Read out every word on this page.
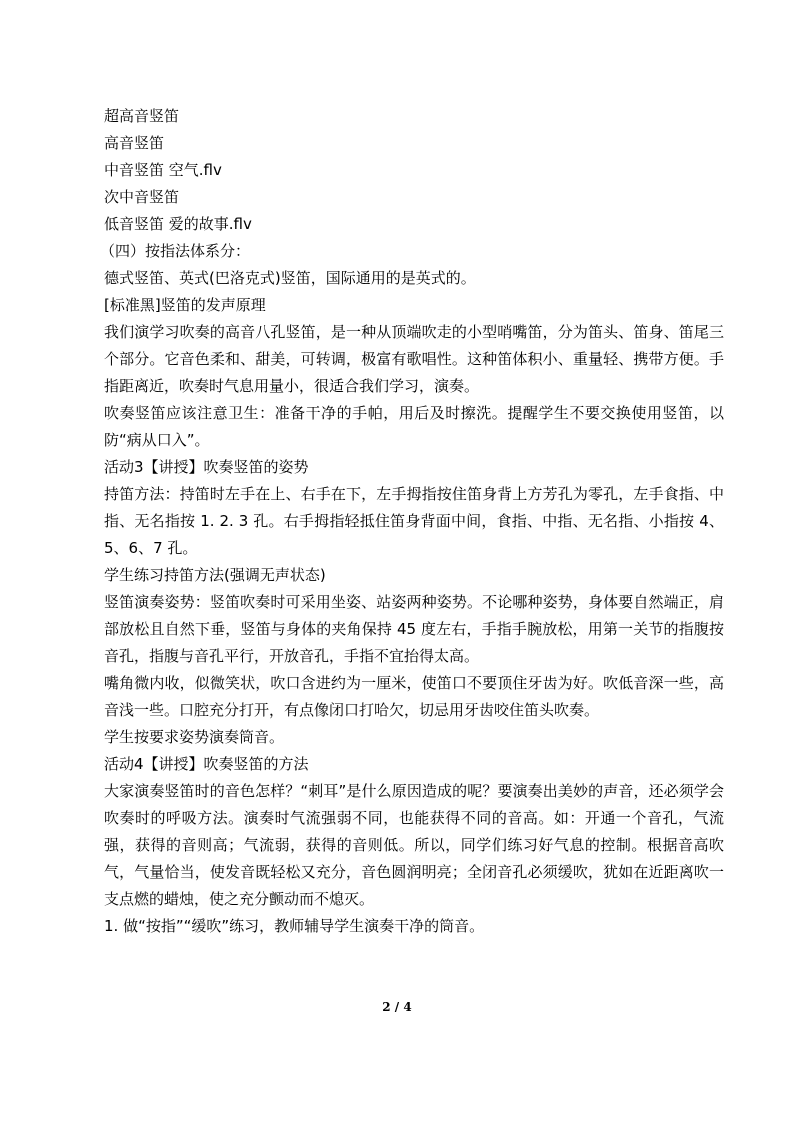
超高音竖笛
高音竖笛
中音竖笛 空气.flv
次中音竖笛
低音竖笛 爱的故事.flv
（四）按指法体系分：
德式竖笛、英式(巴洛克式)竖笛，国际通用的是英式的。
[标准黑]竖笛的发声原理
我们演学习吹奏的高音八孔竖笛，是一种从顶端吹走的小型哨嘴笛，分为笛头、笛身、笛尾三个部分。它音色柔和、甜美，可转调，极富有歌唱性。这种笛体积小、重量轻、携带方便。手指距离近，吹奏时气息用量小，很适合我们学习，演奏。
吹奏竖笛应该注意卫生：准备干净的手帕，用后及时擦洗。提醒学生不要交换使用竖笛，以防“病从口入”。
活动3【讲授】吹奏竖笛的姿势
持笛方法：持笛时左手在上、右手在下，左手拇指按住笛身背上方芳孔为零孔，左手食指、中指、无名指按 1. 2. 3 孔。右手拇指轻抵住笛身背面中间，食指、中指、无名指、小指按 4、5、6、7 孔。
学生练习持笛方法(强调无声状态)
竖笛演奏姿势：竖笛吹奏时可采用坐姿、站姿两种姿势。不论哪种姿势，身体要自然端正，肩部放松且自然下垂，竖笛与身体的夹角保持 45 度左右，手指手腕放松，用第一关节的指腹按音孔，指腹与音孔平行，开放音孔，手指不宜抬得太高。
嘴角微内收，似微笑状，吹口含进约为一厘米，使笛口不要顶住牙齿为好。吹低音深一些，高音浅一些。口腔充分打开，有点像闭口打哈欠，切忌用牙齿咬住笛头吹奏。
学生按要求姿势演奏筒音。
活动4【讲授】吹奏竖笛的方法
大家演奏竖笛时的音色怎样？“刺耳”是什么原因造成的呢？要演奏出美妙的声音，还必须学会吹奏时的呼吸方法。演奏时气流强弱不同，也能获得不同的音高。如：开通一个音孔，气流强，获得的音则高；气流弱，获得的音则低。所以，同学们练习好气息的控制。根据音高吹气，气量恰当，使发音既轻松又充分，音色圆润明亮；全闭音孔必须缓吹，犹如在近距离吹一支点燃的蜡烛，使之充分颤动而不熄灭。
1. 做“按指”“缓吹”练习，教师辅导学生演奏干净的筒音。
2 / 4
